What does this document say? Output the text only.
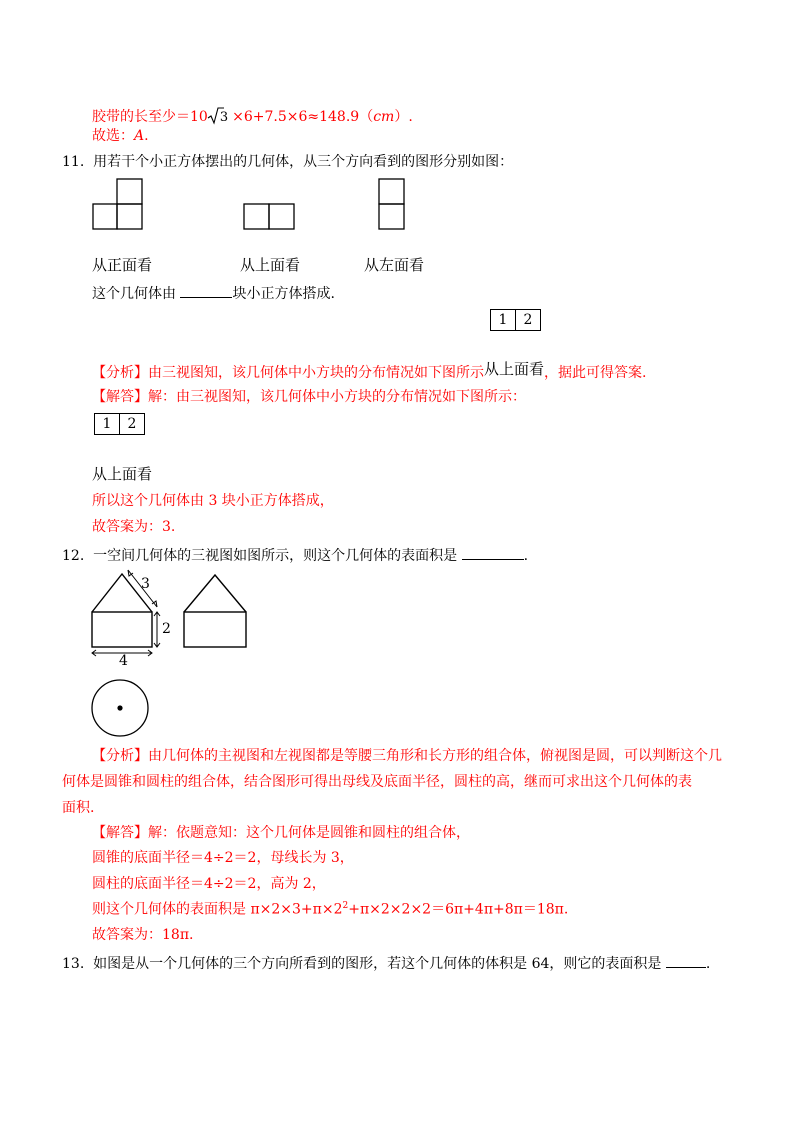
胶带的长至少＝10 3 ×6+7.5×6≈148.9（cm）.
故选：A.
11. 用若干个小正方体摆出的几何体，从三个方向看到的图形分别如图：
从正面看	从上面看	从左面看
这个几何体由	块小正方体搭成.
1	2
【分析】由三视图知，该几何体中小方块的分布情况如下图所示从上面看，据此可得答案.
【解答】解：由三视图知，该几何体中小方块的分布情况如下图所示：
1	2
从上面看
所以这个几何体由 3 块小正方体搭成，
故答案为：3.
12. 一空间几何体的三视图如图所示，则这个几何体的表面积是	.
3
2
4
【分析】由几何体的主视图和左视图都是等腰三角形和长方形的组合体，俯视图是圆，可以判断这个几
何体是圆锥和圆柱的组合体，结合图形可得出母线及底面半径，圆柱的高，继而可求出这个几何体的表
面积.
【解答】解：依题意知：这个几何体是圆锥和圆柱的组合体，
圆锥的底面半径＝4÷2＝2，母线长为 3，
圆柱的底面半径＝4÷2＝2，高为 2，
则这个几何体的表面积是 $\pi\times 2\times 3+\pi\times 2^2+\pi\times 2\times 2\times 2=6\pi+4\pi+8\pi=18\pi$.
故答案为：18π.
13. 如图是从一个几何体的三个方向所看到的图形，若这个几何体的体积是 64，则它的表面积是	.
